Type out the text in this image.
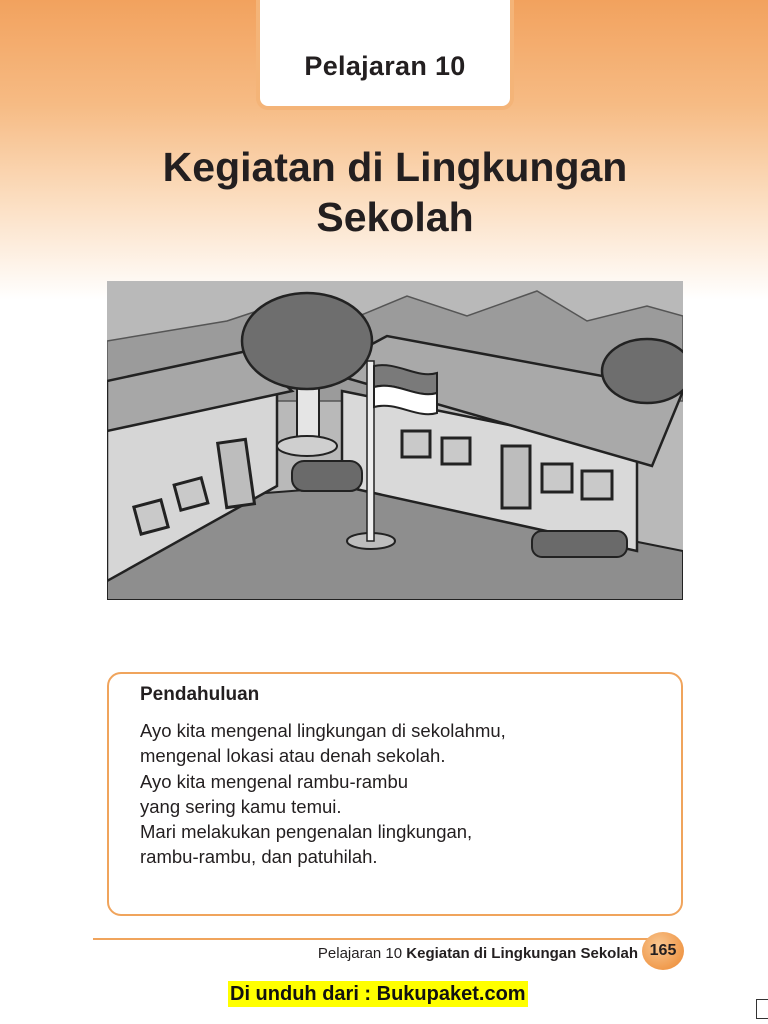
Pelajaran 10
Kegiatan di Lingkungan
Sekolah

Pendahuluan

Ayo kita mengenal lingkungan di sekolahmu,

mengenal lokasi atau denah sekolah.

Ayo kita mengenal rambu-rambu

yang sering kamu temui.

Mari melakukan pengenalan lingkungan,

rambu-rambu, dan patuhilah.

Pelajaran 10 Kegiatan di Lingkungan Sekolah 165
Di unduh dari : Bukupaket.com
